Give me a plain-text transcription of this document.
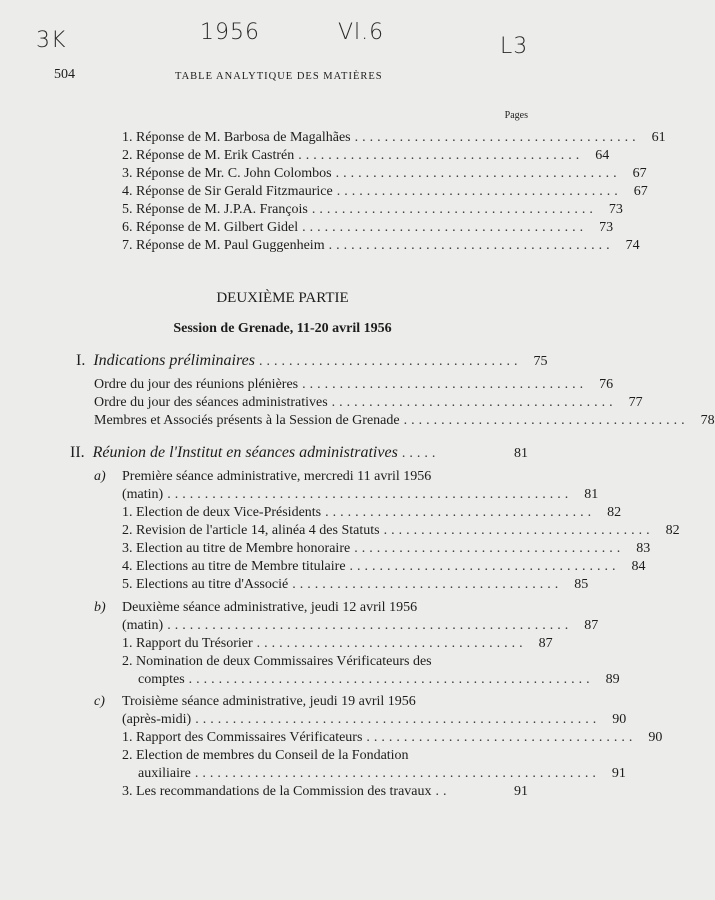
3K	1956	Vl.6
L3
504	TABLE ANALYTIQUE DES MATIÈRES
Pages
1.
Réponse de M. Barbosa de Magalhães ...................................... 61
2.
Réponse de M. Erik Castrén ...................................... 64
3.
Réponse de Mr. C. John Colombos ...................................... 67
4.
Réponse de Sir Gerald Fitzmaurice ...................................... 67
5.
Réponse de M. J.P.A. François ...................................... 73
6.
Réponse de M. Gilbert Gidel ...................................... 73
7.
Réponse de M. Paul Guggenheim ...................................... 74
DEUXIÈME PARTIE
Session de Grenade, 11-20 avril 1956
I. Indications préliminaires ................................... 75
Ordre du jour des réunions plénières ...................................... 76
Ordre du jour des séances administratives ...................................... 77
Membres et Associés présents à la Session de Grenade ...................................... 78
II. Réunion de l'Institut en séances administratives .....	81
a)	Première séance administrative, mercredi 11 avril 1956
(matin) ...................................................... 81
1. Election de deux Vice-Présidents .................................... 82
2. Revision de l'article 14, alinéa 4 des Statuts .................................... 82
3. Election au titre de Membre honoraire .................................... 83
4. Elections au titre de Membre titulaire .................................... 84
5. Elections au titre d'Associé .................................... 85
b)	Deuxième séance administrative, jeudi 12 avril 1956
(matin) ...................................................... 87
1. Rapport du Trésorier .................................... 87
2. Nomination de deux Commissaires Vérificateurs des
comptes ...................................................... 89
c)	Troisième séance administrative, jeudi 19 avril 1956
(après-midi) ...................................................... 90
1. Rapport des Commissaires Vérificateurs .................................... 90
2. Election de membres du Conseil de la Fondation
auxiliaire ...................................................... 91
3. Les recommandations de la Commission des travaux ..	91
